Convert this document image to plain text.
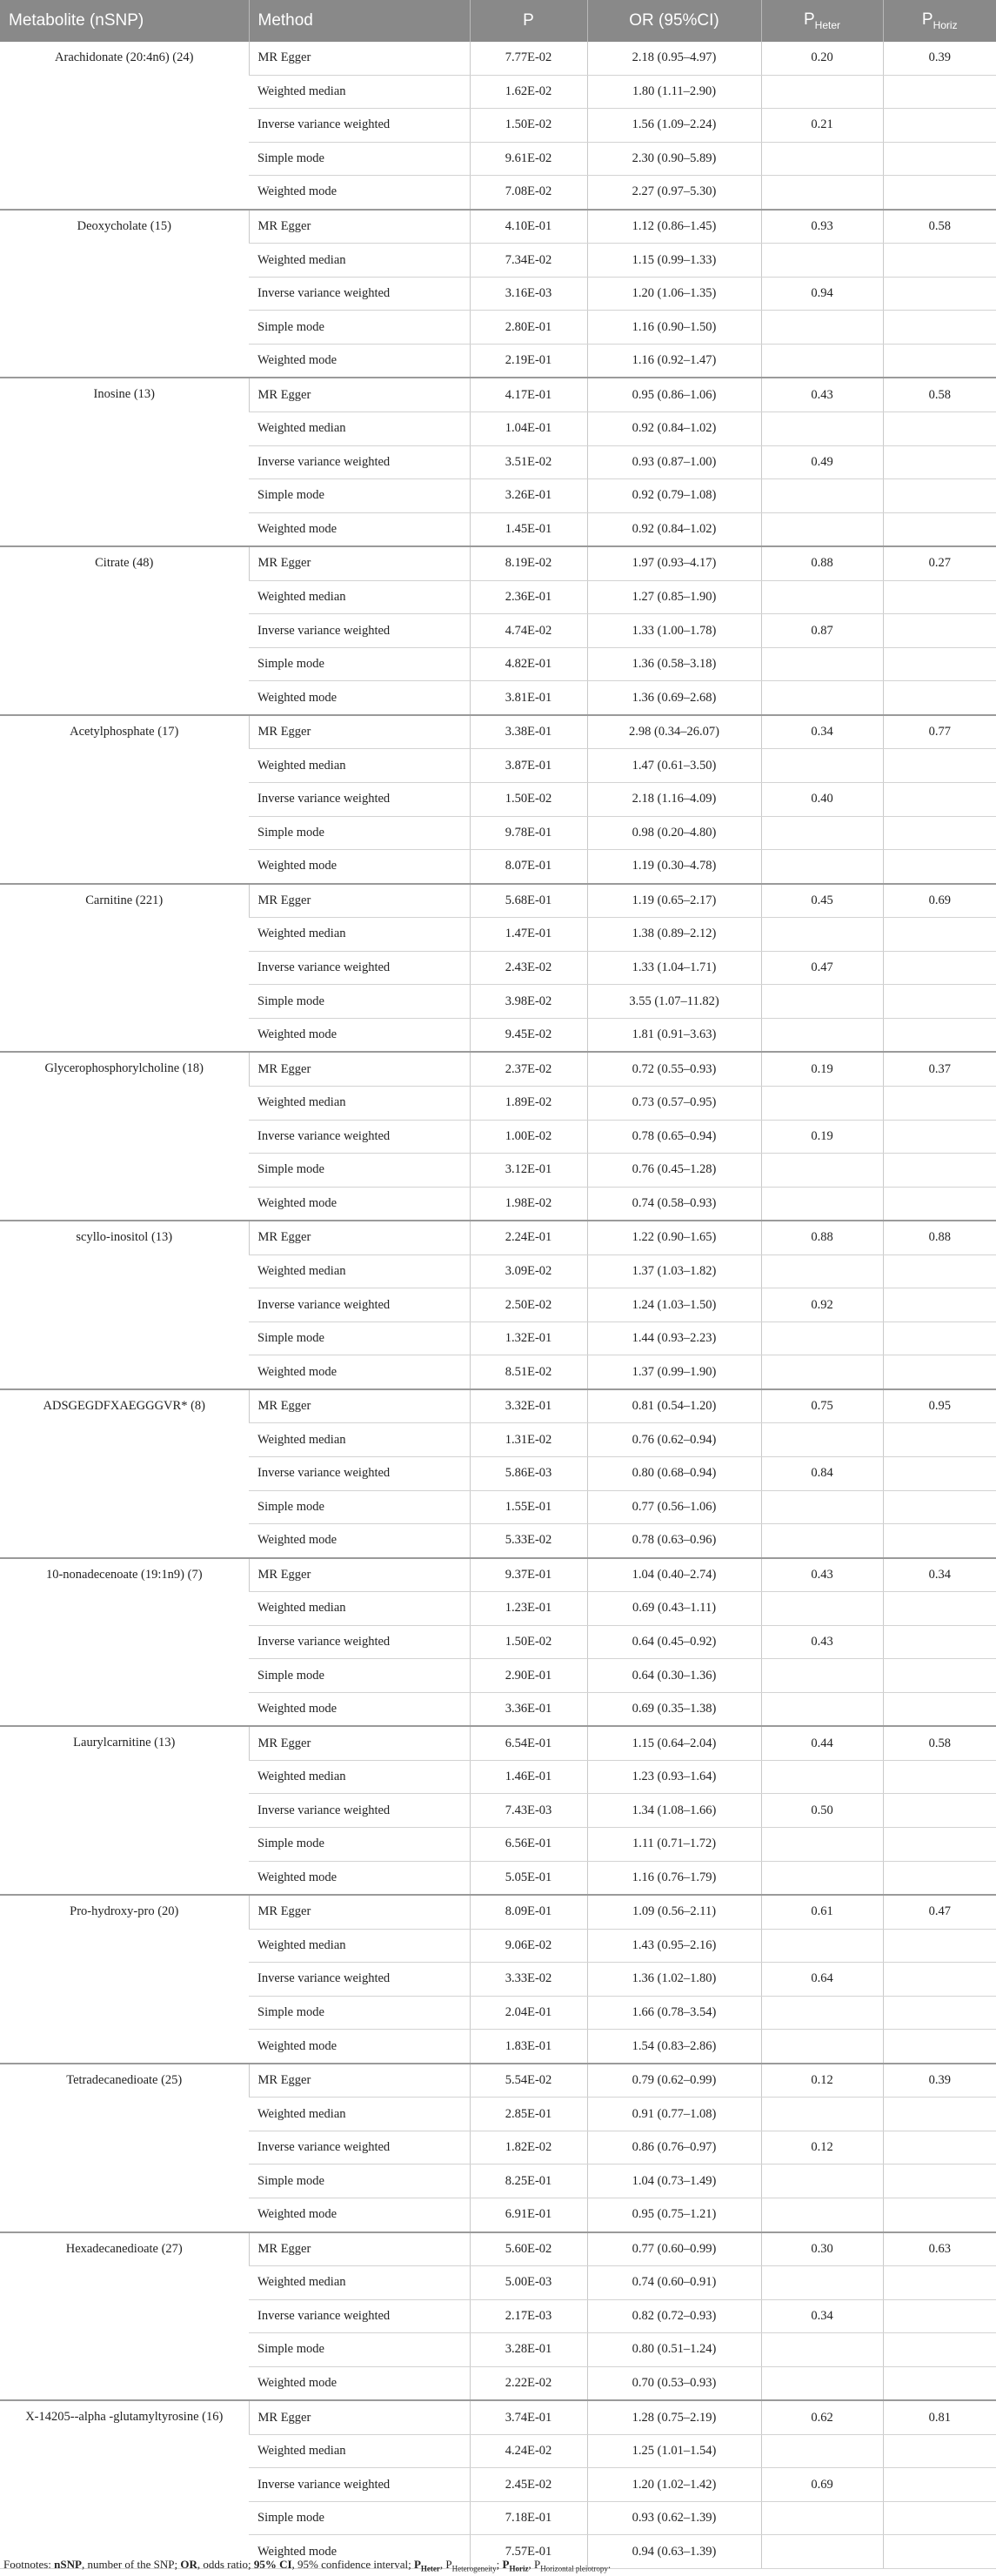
Metabolite (nSNP)	Method	P	OR (95%CI)	$P_{Heter}$	$P_{Horiz}$
Arachidonate (20:4n6) (24)	MR Egger	7.77E-02	2.18 (0.95–4.97)	0.20	0.39
	Weighted median	1.62E-02	1.80 (1.11–2.90)		
	Inverse variance weighted	1.50E-02	1.56 (1.09–2.24)	0.21	
	Simple mode	9.61E-02	2.30 (0.90–5.89)		
	Weighted mode	7.08E-02	2.27 (0.97–5.30)		
Deoxycholate (15)	MR Egger	4.10E-01	1.12 (0.86–1.45)	0.93	0.58
	Weighted median	7.34E-02	1.15 (0.99–1.33)		
	Inverse variance weighted	3.16E-03	1.20 (1.06–1.35)	0.94	
	Simple mode	2.80E-01	1.16 (0.90–1.50)		
	Weighted mode	2.19E-01	1.16 (0.92–1.47)		
Inosine (13)	MR Egger	4.17E-01	0.95 (0.86–1.06)	0.43	0.58
	Weighted median	1.04E-01	0.92 (0.84–1.02)		
	Inverse variance weighted	3.51E-02	0.93 (0.87–1.00)	0.49	
	Simple mode	3.26E-01	0.92 (0.79–1.08)		
	Weighted mode	1.45E-01	0.92 (0.84–1.02)		
Citrate (48)	MR Egger	8.19E-02	1.97 (0.93–4.17)	0.88	0.27
	Weighted median	2.36E-01	1.27 (0.85–1.90)		
	Inverse variance weighted	4.74E-02	1.33 (1.00–1.78)	0.87	
	Simple mode	4.82E-01	1.36 (0.58–3.18)		
	Weighted mode	3.81E-01	1.36 (0.69–2.68)		
Acetylphosphate (17)	MR Egger	3.38E-01	2.98 (0.34–26.07)	0.34	0.77
	Weighted median	3.87E-01	1.47 (0.61–3.50)		
	Inverse variance weighted	1.50E-02	2.18 (1.16–4.09)	0.40	
	Simple mode	9.78E-01	0.98 (0.20–4.80)		
	Weighted mode	8.07E-01	1.19 (0.30–4.78)		
Carnitine (221)	MR Egger	5.68E-01	1.19 (0.65–2.17)	0.45	0.69
	Weighted median	1.47E-01	1.38 (0.89–2.12)		
	Inverse variance weighted	2.43E-02	1.33 (1.04–1.71)	0.47	
	Simple mode	3.98E-02	3.55 (1.07–11.82)		
	Weighted mode	9.45E-02	1.81 (0.91–3.63)		
Glycerophosphorylcholine (18)	MR Egger	2.37E-02	0.72 (0.55–0.93)	0.19	0.37
	Weighted median	1.89E-02	0.73 (0.57–0.95)		
	Inverse variance weighted	1.00E-02	0.78 (0.65–0.94)	0.19	
	Simple mode	3.12E-01	0.76 (0.45–1.28)		
	Weighted mode	1.98E-02	0.74 (0.58–0.93)		
scyllo-inositol (13)	MR Egger	2.24E-01	1.22 (0.90–1.65)	0.88	0.88
	Weighted median	3.09E-02	1.37 (1.03–1.82)		
	Inverse variance weighted	2.50E-02	1.24 (1.03–1.50)	0.92	
	Simple mode	1.32E-01	1.44 (0.93–2.23)		
	Weighted mode	8.51E-02	1.37 (0.99–1.90)		
ADSGEGDFXAEGGGVR* (8)	MR Egger	3.32E-01	0.81 (0.54–1.20)	0.75	0.95
	Weighted median	1.31E-02	0.76 (0.62–0.94)		
	Inverse variance weighted	5.86E-03	0.80 (0.68–0.94)	0.84	
	Simple mode	1.55E-01	0.77 (0.56–1.06)		
	Weighted mode	5.33E-02	0.78 (0.63–0.96)		
10-nonadecenoate (19:1n9) (7)	MR Egger	9.37E-01	1.04 (0.40–2.74)	0.43	0.34
	Weighted median	1.23E-01	0.69 (0.43–1.11)		
	Inverse variance weighted	1.50E-02	0.64 (0.45–0.92)	0.43	
	Simple mode	2.90E-01	0.64 (0.30–1.36)		
	Weighted mode	3.36E-01	0.69 (0.35–1.38)		
Laurylcarnitine (13)	MR Egger	6.54E-01	1.15 (0.64–2.04)	0.44	0.58
	Weighted median	1.46E-01	1.23 (0.93–1.64)		
	Inverse variance weighted	7.43E-03	1.34 (1.08–1.66)	0.50	
	Simple mode	6.56E-01	1.11 (0.71–1.72)		
	Weighted mode	5.05E-01	1.16 (0.76–1.79)		
Pro-hydroxy-pro (20)	MR Egger	8.09E-01	1.09 (0.56–2.11)	0.61	0.47
	Weighted median	9.06E-02	1.43 (0.95–2.16)		
	Inverse variance weighted	3.33E-02	1.36 (1.02–1.80)	0.64	
	Simple mode	2.04E-01	1.66 (0.78–3.54)		
	Weighted mode	1.83E-01	1.54 (0.83–2.86)		
Tetradecanedioate (25)	MR Egger	5.54E-02	0.79 (0.62–0.99)	0.12	0.39
	Weighted median	2.85E-01	0.91 (0.77–1.08)		
	Inverse variance weighted	1.82E-02	0.86 (0.76–0.97)	0.12	
	Simple mode	8.25E-01	1.04 (0.73–1.49)		
	Weighted mode	6.91E-01	0.95 (0.75–1.21)		
Hexadecanedioate (27)	MR Egger	5.60E-02	0.77 (0.60–0.99)	0.30	0.63
	Weighted median	5.00E-03	0.74 (0.60–0.91)		
	Inverse variance weighted	2.17E-03	0.82 (0.72–0.93)	0.34	
	Simple mode	3.28E-01	0.80 (0.51–1.24)		
	Weighted mode	2.22E-02	0.70 (0.53–0.93)		
X-14205--alpha -glutamyltyrosine (16)	MR Egger	3.74E-01	1.28 (0.75–2.19)	0.62	0.81
	Weighted median	4.24E-02	1.25 (1.01–1.54)		
	Inverse variance weighted	2.45E-02	1.20 (1.02–1.42)	0.69	
	Simple mode	7.18E-01	0.93 (0.62–1.39)		
	Weighted mode	7.57E-01	0.94 (0.63–1.39)		
Footnotes: nSNP, number of the SNP; OR, odds ratio; 95% CI, 95% confidence interval; $P_{Heter}$, $P_{Heterogeneity}$; $P_{Horiz}$, $P_{Horizontal pleiotropy}$.
